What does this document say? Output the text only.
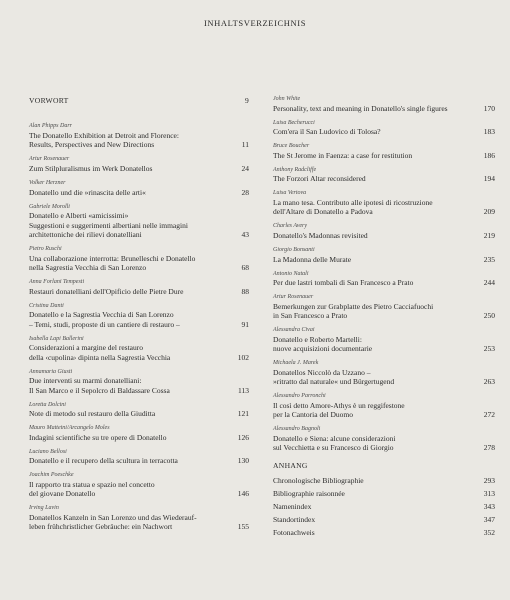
INHALTSVERZEICHNIS
VORWORT	9
Alan Phipps Darr
The Donatello Exhibition at Detroit and Florence:
Results, Perspectives and New Directions	11
Artur Rosenauer
Zum Stilpluralismus im Werk Donatellos	24
Volker Herzner
Donatello und die »rinascita delle arti«	28
Gabriele Morolli
Donatello e Alberti «amicissimi»
Suggestioni e suggerimenti albertiani nelle immagini
architettoniche dei rilievi donatelliani	43
Pietro Ruschi
Una collaborazione interrotta: Brunelleschi e Donatello
nella Sagrestia Vecchia di San Lorenzo	68
Anna Forlani Tempesti
Restauri donatelliani dell'Opificio delle Pietre Dure	88
Cristina Danti
Donatello e la Sagrestia Vecchia di San Lorenzo
– Temi, studi, proposte di un cantiere di restauro –	91
Isabella Lapi Ballerini
Considerazioni a margine del restauro
della ‹cupolina› dipinta nella Sagrestia Vecchia	102
Annamaria Giusti
Due interventi su marmi donatelliani:
Il San Marco e il Sepolcro di Baldassare Cossa	113
Loretta Dolcini
Note di metodo sul restauro della Giuditta	121
Mauro Matteini/Arcangelo Moles
Indagini scientifiche su tre opere di Donatello	126
Luciano Bellosi
Donatello e il recupero della scultura in terracotta	130
Joachim Poeschke
Il rapporto tra statua e spazio nel concetto
del giovane Donatello	146
Irving Lavin
Donatellos Kanzeln in San Lorenzo und das Wiederauf-
leben frühchristlicher Gebräuche: ein Nachwort	155
John White
Personality, text and meaning in Donatello's single figures	170
Luisa Becherucci
Com'era il San Ludovico di Tolosa?	183
Bruce Boucher
The St Jerome in Faenza: a case for restitution	186
Anthony Radcliffe
The Forzori Altar reconsidered	194
Luisa Vertova
La mano tesa. Contributo alle ipotesi di ricostruzione
dell'Altare di Donatello a Padova	209
Charles Avery
Donatello's Madonnas revisited	219
Giorgio Bonsanti
La Madonna delle Murate	235
Antonio Natali
Per due lastri tombali di San Francesco a Prato	244
Artur Rosenauer
Bemerkungen zur Grabplatte des Pietro Cacciafuochi
in San Francesco a Prato	250
Alessandra Civai
Donatello e Roberto Martelli:
nuove acquisizioni documentarie	253
Michaela J. Marek
Donatellos Niccolò da Uzzano –
»ritratto dal naturale« und Bürgertugend	263
Alessandro Parronchi
Il così detto Amore-Athys è un reggifestone
per la Cantoria del Duomo	272
Alessandro Bagnoli
Donatello e Siena: alcune considerazioni
sul Vecchietta e su Francesco di Giorgio	278
ANHANG
Chronologische Bibliographie	293
Bibliographie raisonnée	313
Namenindex	343
Standortindex	347
Fotonachweis	352
